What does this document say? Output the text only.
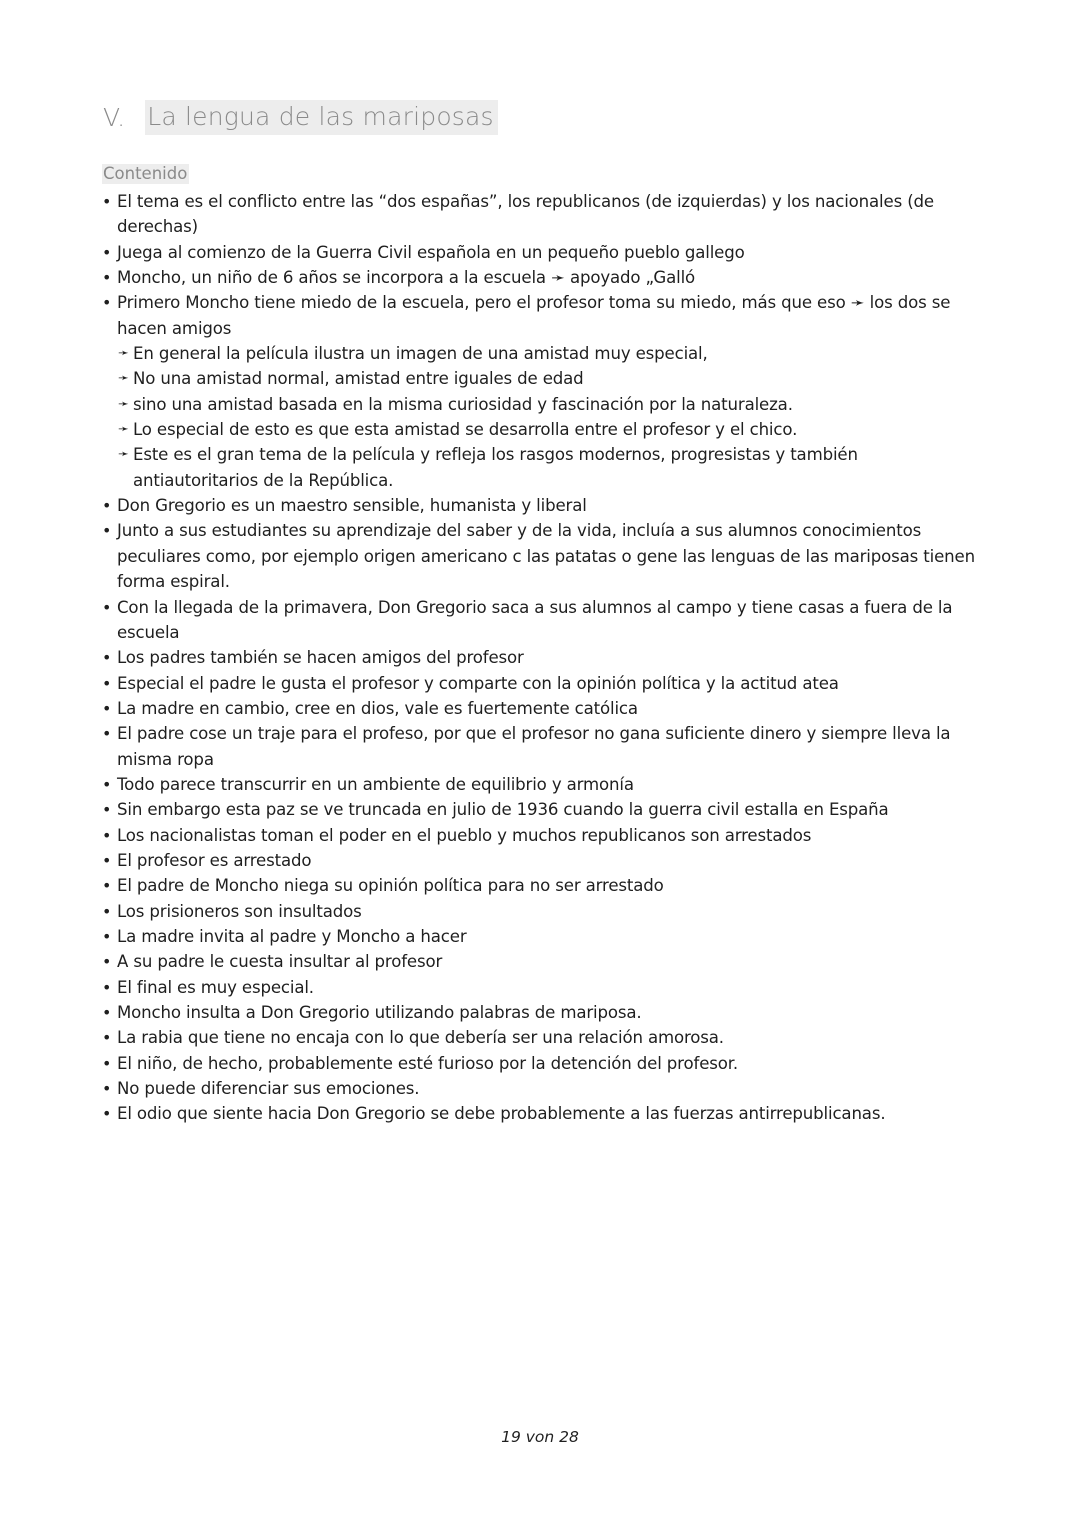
V. La lengua de las mariposas
Contenido
• El tema es el conflicto entre las “dos españas”, los republicanos (de izquierdas) y los nacionales (de derechas)
• Juega al comienzo de la Guerra Civil española en un pequeño pueblo gallego
• Moncho, un niño de 6 años se incorpora a la escuela ➛ apoyado „Galló
• Primero Moncho tiene miedo de la escuela, pero el profesor toma su miedo, más que eso ➛ los dos se hacen amigos
➛ En general la película ilustra un imagen de una amistad muy especial,
➛ No una amistad normal, amistad entre iguales de edad
➛ sino una amistad basada en la misma curiosidad y fascinación por la naturaleza.
➛ Lo especial de esto es que esta amistad se desarrolla entre el profesor y el chico.
➛ Este es el gran tema de la película y refleja los rasgos modernos, progresistas y también antiautoritarios de la República.
• Don Gregorio es un maestro sensible, humanista y liberal
• Junto a sus estudiantes su aprendizaje del saber y de la vida, incluía a sus alumnos conocimientos peculiares como, por ejemplo origen americano c las patatas o gene las lenguas de las mariposas tienen forma espiral.
• Con la llegada de la primavera, Don Gregorio saca a sus alumnos al campo y tiene casas a fuera de la escuela
• Los padres también se hacen amigos del profesor
• Especial el padre le gusta el profesor y comparte con la opinión política y la actitud atea
• La madre en cambio, cree en dios, vale es fuertemente católica
• El padre cose un traje para el profeso, por que el profesor no gana suficiente dinero y siempre lleva la misma ropa
• Todo parece transcurrir en un ambiente de equilibrio y armonía
• Sin embargo esta paz se ve truncada en julio de 1936 cuando la guerra civil estalla en España
• Los nacionalistas toman el poder en el pueblo y muchos republicanos son arrestados
• El profesor es arrestado
• El padre de Moncho niega su opinión política para no ser arrestado
• Los prisioneros son insultados
• La madre invita al padre y Moncho a hacer
• A su padre le cuesta insultar al profesor
• El final es muy especial.
• Moncho insulta a Don Gregorio utilizando palabras de mariposa.
• La rabia que tiene no encaja con lo que debería ser una relación amorosa.
• El niño, de hecho, probablemente esté furioso por la detención del profesor.
• No puede diferenciar sus emociones.
• El odio que siente hacia Don Gregorio se debe probablemente a las fuerzas antirrepublicanas.
19 von 28
